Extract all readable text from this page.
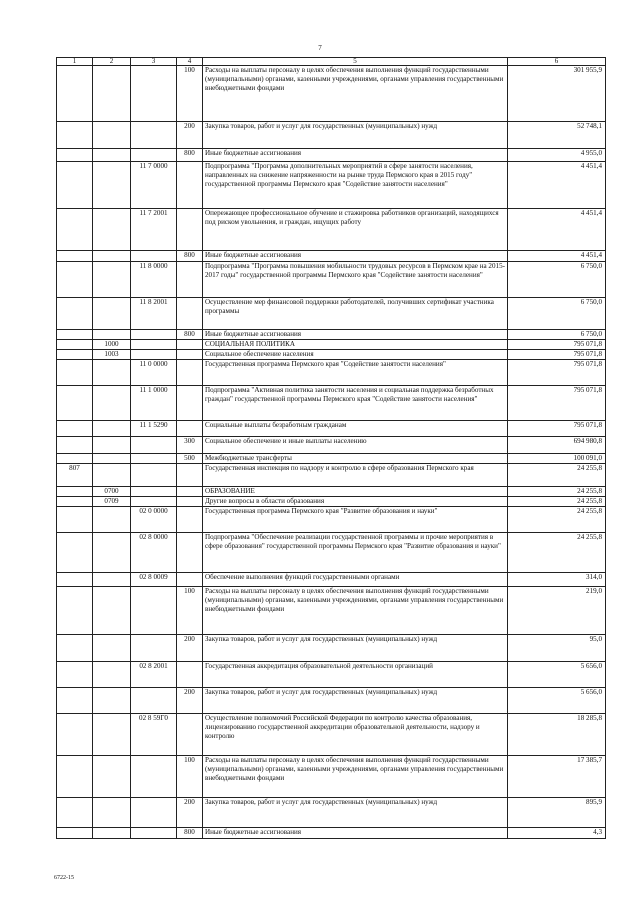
7
1	2	3	4	5	6
			100	Расходы на выплаты персоналу в целях обеспечения выполнения функций государственными (муниципальными) органами, казенными учреждениями, органами управления государственными внебюджетными фондами	301 955,9
			200	Закупка товаров, работ и услуг для государственных (муниципальных) нужд	52 748,1
			800	Иные бюджетные ассигнования	4 955,0
		11 7 0000		Подпрограмма "Программа дополнительных мероприятий в сфере занятости населения, направленных на снижение напряженности на рынке труда Пермского края в 2015 году" государственной программы Пермского края "Содействие занятости населения"	4 451,4
		11 7 2001		Опережающее профессиональное обучение и стажировка работников организаций, находящихся под риском увольнения, и граждан, ищущих работу	4 451,4
			800	Иные бюджетные ассигнования	4 451,4
		11 8 0000		Подпрограмма "Программа повышения мобильности трудовых ресурсов в Пермском крае на 2015-2017 годы" государственной программы Пермского края "Содействие занятости населения"	6 750,0
		11 8 2001		Осуществление мер финансовой поддержки работодателей, получивших сертификат участника программы	6 750,0
			800	Иные бюджетные ассигнования	6 750,0
	1000			СОЦИАЛЬНАЯ ПОЛИТИКА	795 071,8
	1003			Социальное обеспечение населения	795 071,8
		11 0 0000		Государственная программа Пермского края "Содействие занятости населения"	795 071,8
		11 1 0000		Подпрограмма "Активная политика занятости населения и социальная поддержка безработных граждан" государственной программы Пермского края "Содействие занятости населения"	795 071,8
		11 1 5290		Социальные выплаты безработным гражданам	795 071,8
			300	Социальное обеспечение и иные выплаты населению	694 980,8
			500	Межбюджетные трансферты	100 091,0
807				Государственная инспекция по надзору и контролю в сфере образования Пермского края	24 255,8
	0700			ОБРАЗОВАНИЕ	24 255,8
	0709			Другие вопросы в области образования	24 255,8
		02 0 0000		Государственная программа Пермского края "Развитие образования и науки"	24 255,8
		02 8 0000		Подпрограмма "Обеспечение реализации государственной программы и прочие мероприятия в сфере образования" государственной программы Пермского края "Развитие образования и науки"	24 255,8
		02 8 0009		Обеспечение выполнения функций государственными органами	314,0
			100	Расходы на выплаты персоналу в целях обеспечения выполнения функций государственными (муниципальными) органами, казенными учреждениями, органами управления государственными внебюджетными фондами	219,0
			200	Закупка товаров, работ и услуг для государственных (муниципальных) нужд	95,0
		02 8 2001		Государственная аккредитация образовательной деятельности организаций	5 656,0
			200	Закупка товаров, работ и услуг для государственных (муниципальных) нужд	5 656,0
		02 8 59Г0		Осуществление полномочий Российской Федерации по контролю качества образования, лицензированию государственной аккредитации образовательной деятельности, надзору и контролю	18 285,8
			100	Расходы на выплаты персоналу в целях обеспечения выполнения функций государственными (муниципальными) органами, казенными учреждениями, органами управления государственными внебюджетными фондами	17 385,7
			200	Закупка товаров, работ и услуг для государственных (муниципальных) нужд	895,9
			800	Иные бюджетные ассигнования	4,3
6722-15
